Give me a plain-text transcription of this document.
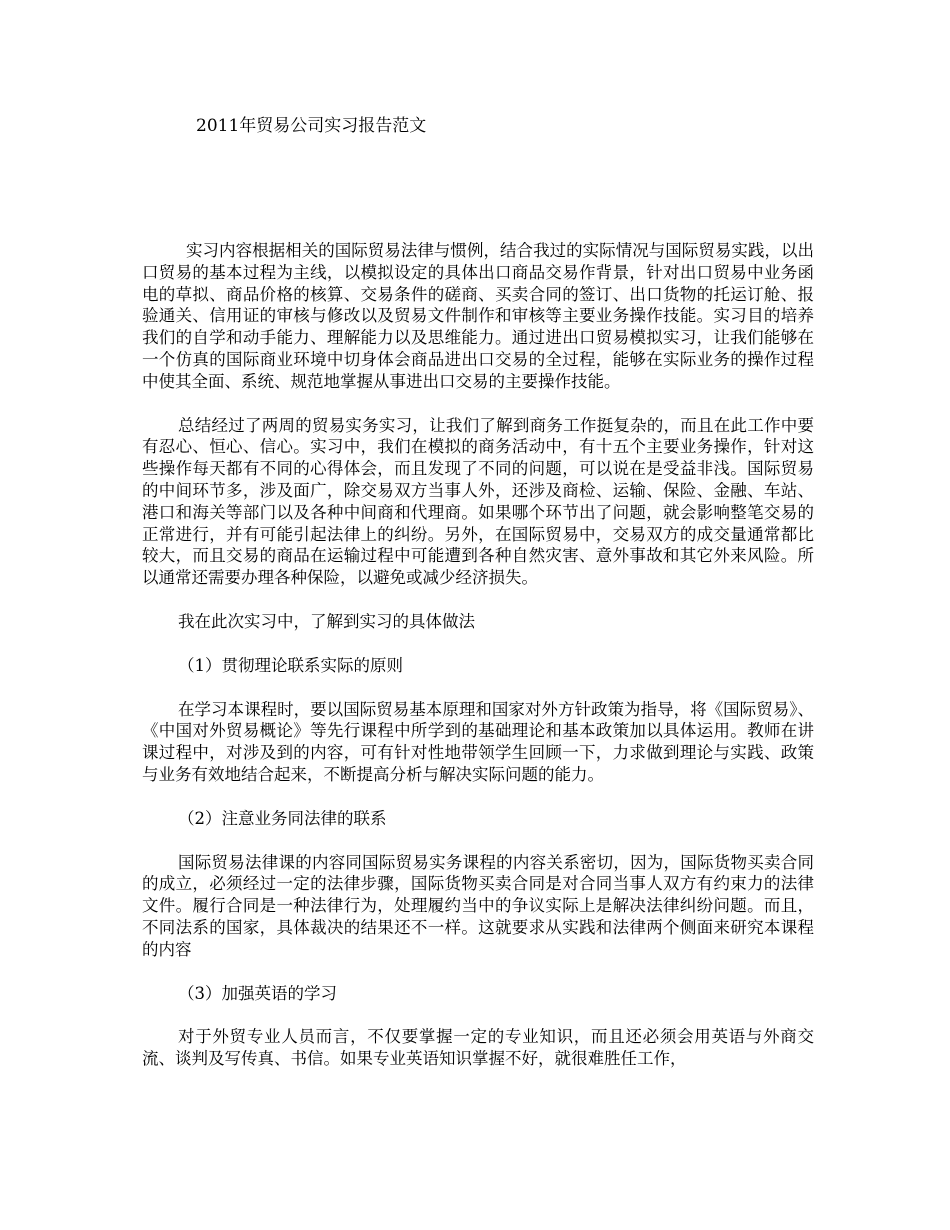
2011年贸易公司实习报告范文

实习内容根据相关的国际贸易法律与惯例，结合我过的实际情况与国际贸易实践，以出口贸易的基本过程为主线，以模拟设定的具体出口商品交易作背景，针对出口贸易中业务函电的草拟、商品价格的核算、交易条件的磋商、买卖合同的签订、出口货物的托运订舱、报验通关、信用证的审核与修改以及贸易文件制作和审核等主要业务操作技能。实习目的培养我们的自学和动手能力、理解能力以及思维能力。通过进出口贸易模拟实习，让我们能够在一个仿真的国际商业环境中切身体会商品进出口交易的全过程，能够在实际业务的操作过程中使其全面、系统、规范地掌握从事进出口交易的主要操作技能。

总结经过了两周的贸易实务实习，让我们了解到商务工作挺复杂的，而且在此工作中要有忍心、恒心、信心。实习中，我们在模拟的商务活动中，有十五个主要业务操作，针对这些操作每天都有不同的心得体会，而且发现了不同的问题，可以说在是受益非浅。国际贸易的中间环节多，涉及面广，除交易双方当事人外，还涉及商检、运输、保险、金融、车站、港口和海关等部门以及各种中间商和代理商。如果哪个环节出了问题，就会影响整笔交易的正常进行，并有可能引起法律上的纠纷。另外，在国际贸易中，交易双方的成交量通常都比较大，而且交易的商品在运输过程中可能遭到各种自然灾害、意外事故和其它外来风险。所以通常还需要办理各种保险，以避免或减少经济损失。

我在此次实习中，了解到实习的具体做法

（1）贯彻理论联系实际的原则

在学习本课程时，要以国际贸易基本原理和国家对外方针政策为指导，将《国际贸易》、《中国对外贸易概论》等先行课程中所学到的基础理论和基本政策加以具体运用。教师在讲课过程中，对涉及到的内容，可有针对性地带领学生回顾一下，力求做到理论与实践、政策与业务有效地结合起来，不断提高分析与解决实际问题的能力。

（2）注意业务同法律的联系

国际贸易法律课的内容同国际贸易实务课程的内容关系密切，因为，国际货物买卖合同的成立，必须经过一定的法律步骤，国际货物买卖合同是对合同当事人双方有约束力的法律文件。履行合同是一种法律行为，处理履约当中的争议实际上是解决法律纠纷问题。而且，不同法系的国家，具体裁决的结果还不一样。这就要求从实践和法律两个侧面来研究本课程的内容

（3）加强英语的学习

对于外贸专业人员而言，不仅要掌握一定的专业知识，而且还必须会用英语与外商交流、谈判及写传真、书信。如果专业英语知识掌握不好，就很难胜任工作，
